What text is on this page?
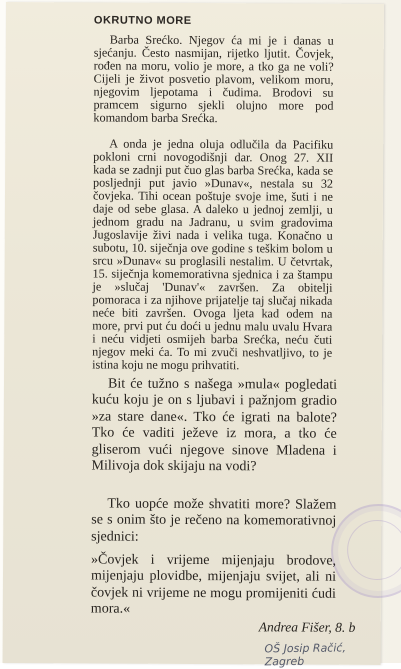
OKRUTNO MORE
Barba Srećko. Njegov ća mi je i danas u sjećanju. Često nasmijan, rijetko ljutit. Čovjek, rođen na moru, volio je more, a tko ga ne voli? Cijeli je život posvetio plavom, velikom moru, njegovim ljepotama i čudima. Brodovi su pramcem sigurno sjekli olujno more pod komandom barba Srećka.
A onda je jedna oluja odlučila da Pacifiku pokloni crni novogodišnji dar. Onog 27. XII kada se zadnji put čuo glas barba Srećka, kada se posljednji put javio »Dunav«, nestala su 32 čovjeka. Tihi ocean poštuje svoje ime, šuti i ne daje od sebe glasa. A daleko u jednoj zemlji, u jednom gradu na Jadranu, u svim gradovima Jugoslavije živi nada i velika tuga. Konačno u subotu, 10. siječnja ove godine s teškim bolom u srcu »Dunav« su proglasili nestalim. U četvrtak, 15. siječnja komemorativna sjednica i za štampu je »slučaj 'Dunav'« završen. Za obitelji pomoraca i za njihove prijatelje taj slučaj nikada neće biti završen. Ovoga ljeta kad odem na more, prvi put ću doći u jednu malu uvalu Hvara i neću vidjeti osmijeh barba Srećka, neću čuti njegov meki ća. To mi zvuči neshvatljivo, to je istina koju ne mogu prihvatiti.
Bit će tužno s našega »mula« pogledati kuću koju je on s ljubavi i pažnjom gradio »za stare dane«. Tko će igrati na balote? Tko će vaditi ježeve iz mora, a tko će gliserom vući njegove sinove Mladena i Milivoja dok skijaju na vodi?
Tko uopće može shvatiti more? Slažem se s onim što je rečeno na komemorativnoj sjednici:
»Čovjek i vrijeme mijenjaju brodove, mijenjaju plovidbe, mijenjaju svijet, ali ni čovjek ni vrijeme ne mogu promijeniti ćudi mora.«
Andrea Fišer, 8. b
OŠ Josip Račić, Zagreb
